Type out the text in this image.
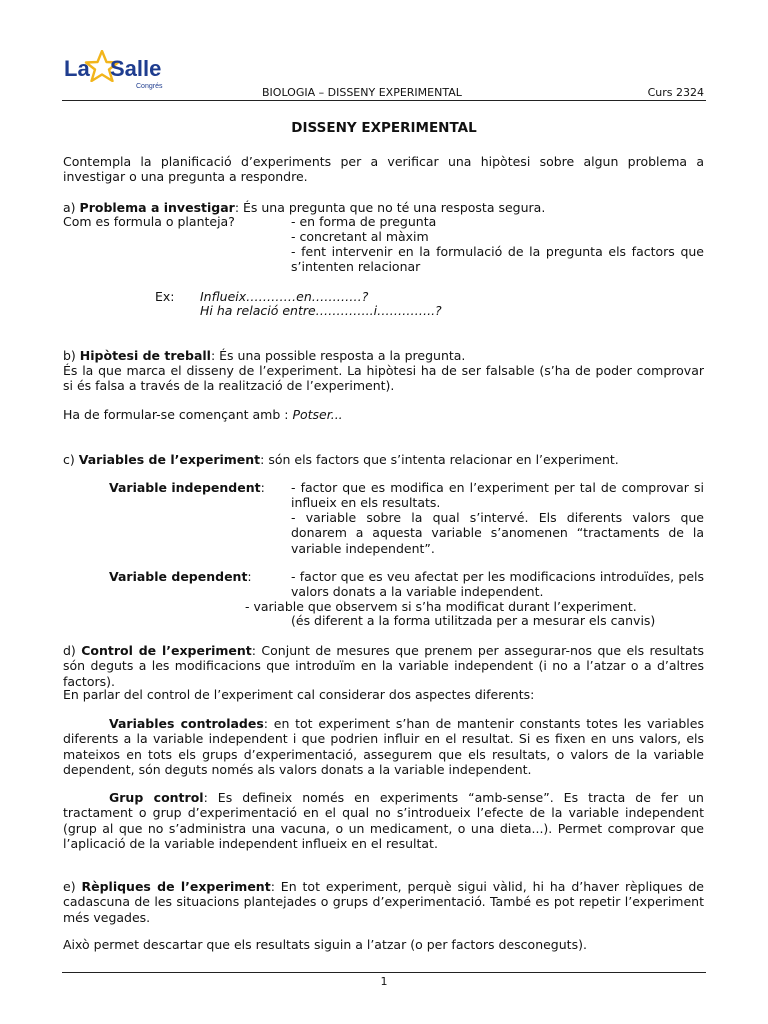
La Salle
Congrés	BIOLOGIA – DISSENY EXPERIMENTAL	Curs 2324
DISSENY EXPERIMENTAL
Contempla la planificació d’experiments per a verificar una hipòtesi sobre algun problema a investigar o una pregunta a respondre.
a) Problema a investigar: És una pregunta que no té una resposta segura.
Com es formula o planteja?	- en forma de pregunta
- concretant al màxim
- fent intervenir en la formulació de la pregunta els factors que s’intenten relacionar
Ex: Influeix…………en…………?
Hi ha relació entre…………..i…………..?
b) Hipòtesi de treball: És una possible resposta a la pregunta.
És la que marca el disseny de l’experiment. La hipòtesi ha de ser falsable (s’ha de poder comprovar si és falsa a través de la realització de l’experiment).
Ha de formular-se començant amb : Potser...
c) Variables de l’experiment: són els factors que s’intenta relacionar en l’experiment.
Variable independent: - factor que es modifica en l’experiment per tal de comprovar si influeix en els resultats.
- variable sobre la qual s’intervé. Els diferents valors que donarem a aquesta variable s’anomenen “tractaments de la variable independent”.
Variable dependent:	- factor que es veu afectat per les modificacions introduïdes, pels valors donats a la variable independent.
- variable que observem si s’ha modificat durant l’experiment.
(és diferent a la forma utilitzada per a mesurar els canvis)
d) Control de l’experiment: Conjunt de mesures que prenem per assegurar-nos que els resultats són deguts a les modificacions que introduïm en la variable independent (i no a l’atzar o a d’altres factors).
En parlar del control de l’experiment cal considerar dos aspectes diferents:
Variables controlades: en tot experiment s’han de mantenir constants totes les variables diferents a la variable independent i que podrien influir en el resultat. Si es fixen en uns valors, els mateixos en tots els grups d’experimentació, assegurem que els resultats, o valors de la variable dependent, són deguts només als valors donats a la variable independent.
Grup control: Es defineix només en experiments “amb-sense”. Es tracta de fer un tractament o grup d’experimentació en el qual no s’introdueix l’efecte de la variable independent (grup al que no s’administra una vacuna, o un medicament, o una dieta...). Permet comprovar que l’aplicació de la variable independent influeix en el resultat.
e) Rèpliques de l’experiment: En tot experiment, perquè sigui vàlid, hi ha d’haver rèpliques de cadascuna de les situacions plantejades o grups d’experimentació. També es pot repetir l’experiment més vegades.
Això permet descartar que els resultats siguin a l’atzar (o per factors desconeguts).
1
